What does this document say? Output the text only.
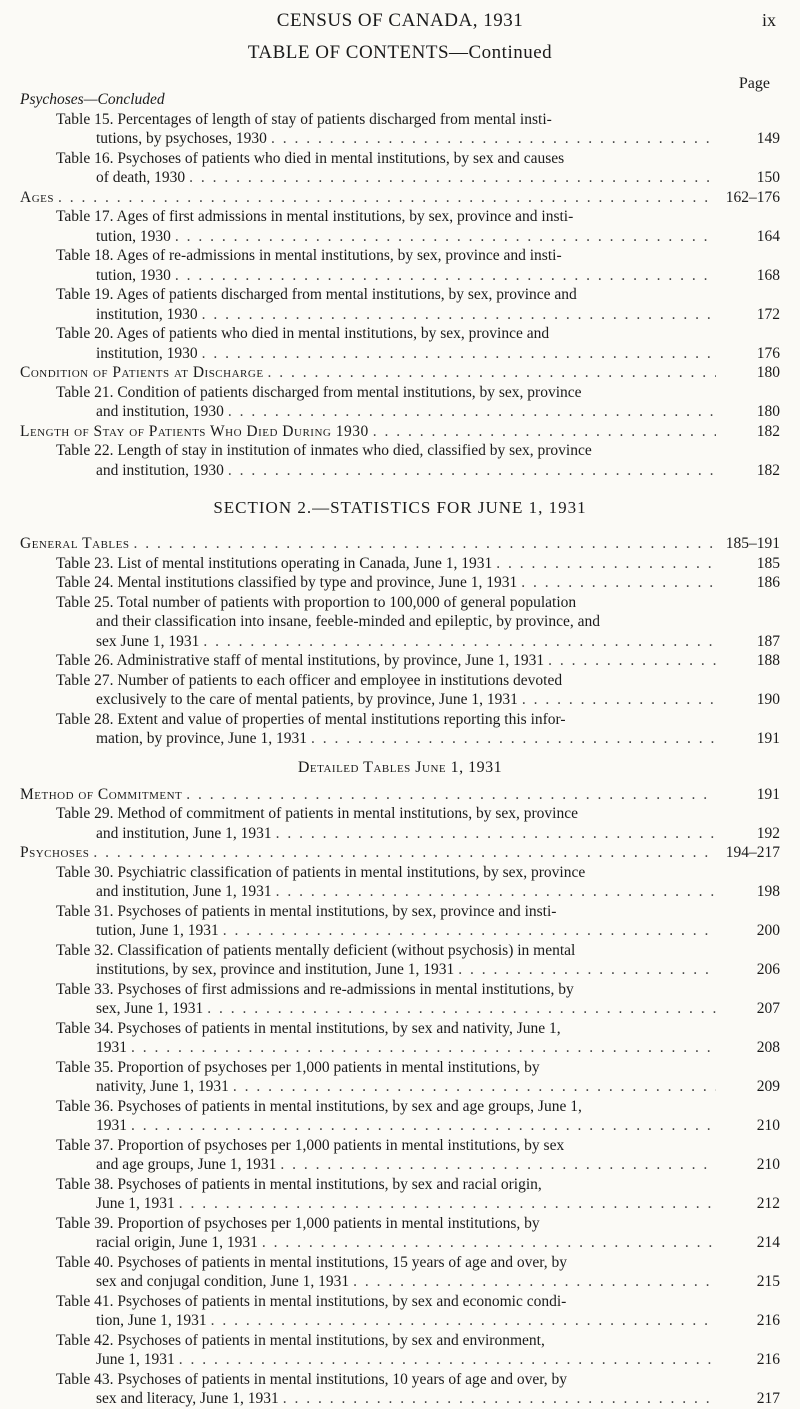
CENSUS OF CANADA, 1931	ix
TABLE OF CONTENTS—Continued
Page
Psychoses—Concluded
Table 15. Percentages of length of stay of patients discharged from mental insti-
tutions, by psychoses, 1930 . . .	149
Table 16. Psychoses of patients who died in mental institutions, by sex and causes
of death, 1930 . . .	150
Ages . . .	162–176
Table 17. Ages of first admissions in mental institutions, by sex, province and insti-
tution, 1930 . . .	164
Table 18. Ages of re-admissions in mental institutions, by sex, province and insti-
tution, 1930 . . .	168
Table 19. Ages of patients discharged from mental institutions, by sex, province and
institution, 1930 . . .	172
Table 20. Ages of patients who died in mental institutions, by sex, province and
institution, 1930 . . .	176
Condition of Patients at Discharge . . .	180
Table 21. Condition of patients discharged from mental institutions, by sex, province
and institution, 1930 . . .	180
Length of Stay of Patients Who Died During 1930 . . .	182
Table 22. Length of stay in institution of inmates who died, classified by sex, province
and institution, 1930 . . .	182
SECTION 2.—STATISTICS FOR JUNE 1, 1931
General Tables . . .	185–191
Table 23. List of mental institutions operating in Canada, June 1, 1931 . . .	185
Table 24. Mental institutions classified by type and province, June 1, 1931 . . .	186
Table 25. Total number of patients with proportion to 100,000 of general population
and their classification into insane, feeble-minded and epileptic, by province, and
sex June 1, 1931 . . .	187
Table 26. Administrative staff of mental institutions, by province, June 1, 1931 . . .	188
Table 27. Number of patients to each officer and employee in institutions devoted
exclusively to the care of mental patients, by province, June 1, 1931 . . .	190
Table 28. Extent and value of properties of mental institutions reporting this infor-
mation, by province, June 1, 1931 . . .	191
Detailed Tables June 1, 1931
Method of Commitment . . .	191
Table 29. Method of commitment of patients in mental institutions, by sex, province
and institution, June 1, 1931 . . .	192
Psychoses . . .	194–217
Table 30. Psychiatric classification of patients in mental institutions, by sex, province
and institution, June 1, 1931 . . .	198
Table 31. Psychoses of patients in mental institutions, by sex, province and insti-
tution, June 1, 1931 . . .	200
Table 32. Classification of patients mentally deficient (without psychosis) in mental
institutions, by sex, province and institution, June 1, 1931 . . .	206
Table 33. Psychoses of first admissions and re-admissions in mental institutions, by
sex, June 1, 1931 . . .	207
Table 34. Psychoses of patients in mental institutions, by sex and nativity, June 1,
1931 . . .	208
Table 35. Proportion of psychoses per 1,000 patients in mental institutions, by
nativity, June 1, 1931 . . .	209
Table 36. Psychoses of patients in mental institutions, by sex and age groups, June 1,
1931 . . .	210
Table 37. Proportion of psychoses per 1,000 patients in mental institutions, by sex
and age groups, June 1, 1931 . . .	210
Table 38. Psychoses of patients in mental institutions, by sex and racial origin,
June 1, 1931 . . .	212
Table 39. Proportion of psychoses per 1,000 patients in mental institutions, by
racial origin, June 1, 1931 . . .	214
Table 40. Psychoses of patients in mental institutions, 15 years of age and over, by
sex and conjugal condition, June 1, 1931 . . .	215
Table 41. Psychoses of patients in mental institutions, by sex and economic condi-
tion, June 1, 1931 . . .	216
Table 42. Psychoses of patients in mental institutions, by sex and environment,
June 1, 1931 . . .	216
Table 43. Psychoses of patients in mental institutions, 10 years of age and over, by
sex and literacy, June 1, 1931 . . .	217
